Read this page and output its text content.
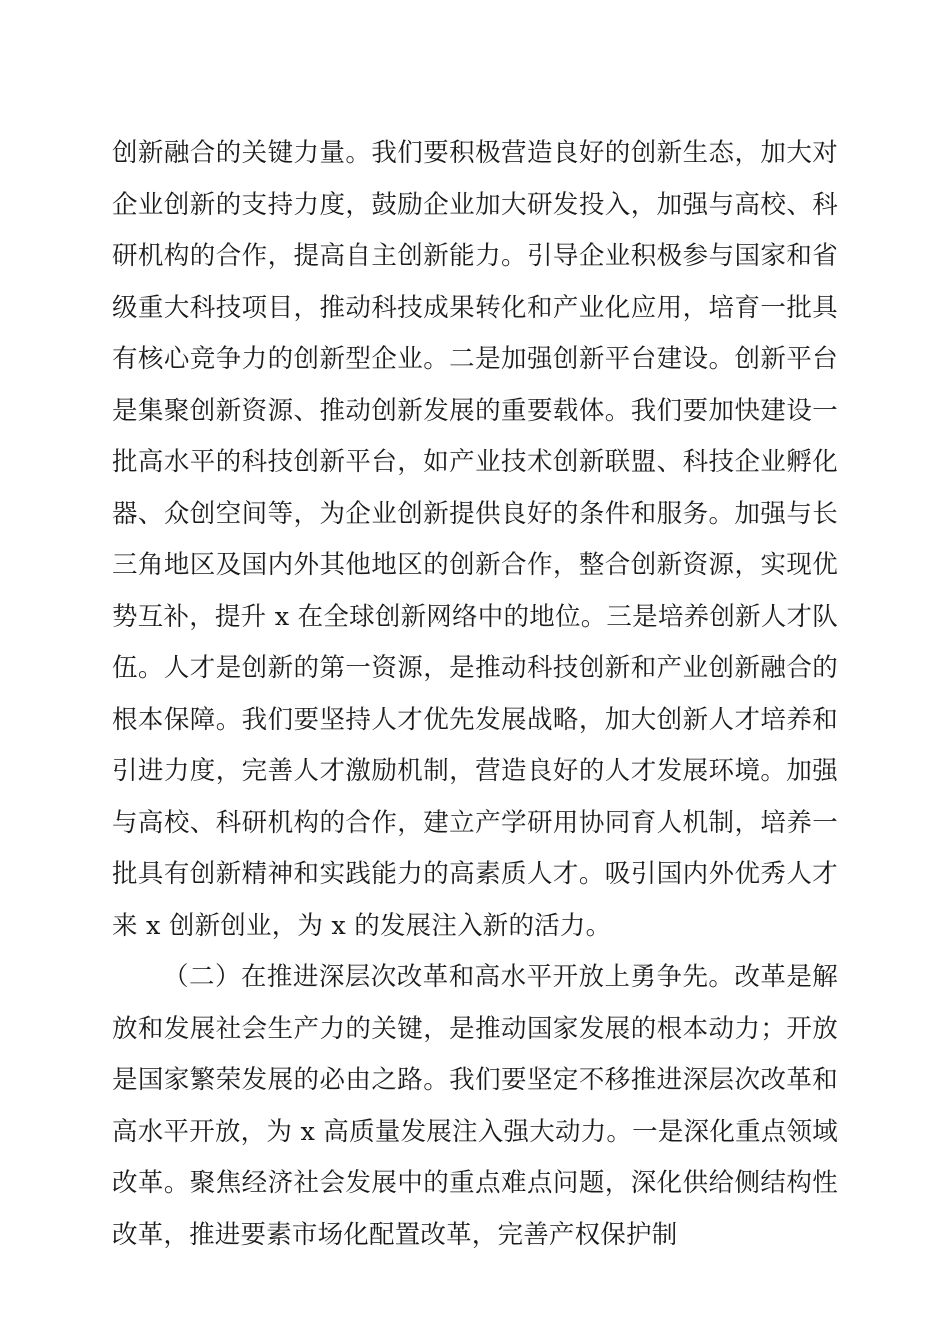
创新融合的关键力量。我们要积极营造良好的创新生态，加大对企业创新的支持力度，鼓励企业加大研发投入，加强与高校、科研机构的合作，提高自主创新能力。引导企业积极参与国家和省级重大科技项目，推动科技成果转化和产业化应用，培育一批具有核心竞争力的创新型企业。二是加强创新平台建设。创新平台是集聚创新资源、推动创新发展的重要载体。我们要加快建设一批高水平的科技创新平台，如产业技术创新联盟、科技企业孵化器、众创空间等，为企业创新提供良好的条件和服务。加强与长三角地区及国内外其他地区的创新合作，整合创新资源，实现优势互补，提升 x 在全球创新网络中的地位。三是培养创新人才队伍。人才是创新的第一资源，是推动科技创新和产业创新融合的根本保障。我们要坚持人才优先发展战略，加大创新人才培养和引进力度，完善人才激励机制，营造良好的人才发展环境。加强与高校、科研机构的合作，建立产学研用协同育人机制，培养一批具有创新精神和实践能力的高素质人才。吸引国内外优秀人才来 x 创新创业，为 x 的发展注入新的活力。

（二）在推进深层次改革和高水平开放上勇争先。改革是解放和发展社会生产力的关键，是推动国家发展的根本动力；开放是国家繁荣发展的必由之路。我们要坚定不移推进深层次改革和高水平开放，为 x 高质量发展注入强大动力。一是深化重点领域改革。聚焦经济社会发展中的重点难点问题，深化供给侧结构性改革，推进要素市场化配置改革，完善产权保护制
